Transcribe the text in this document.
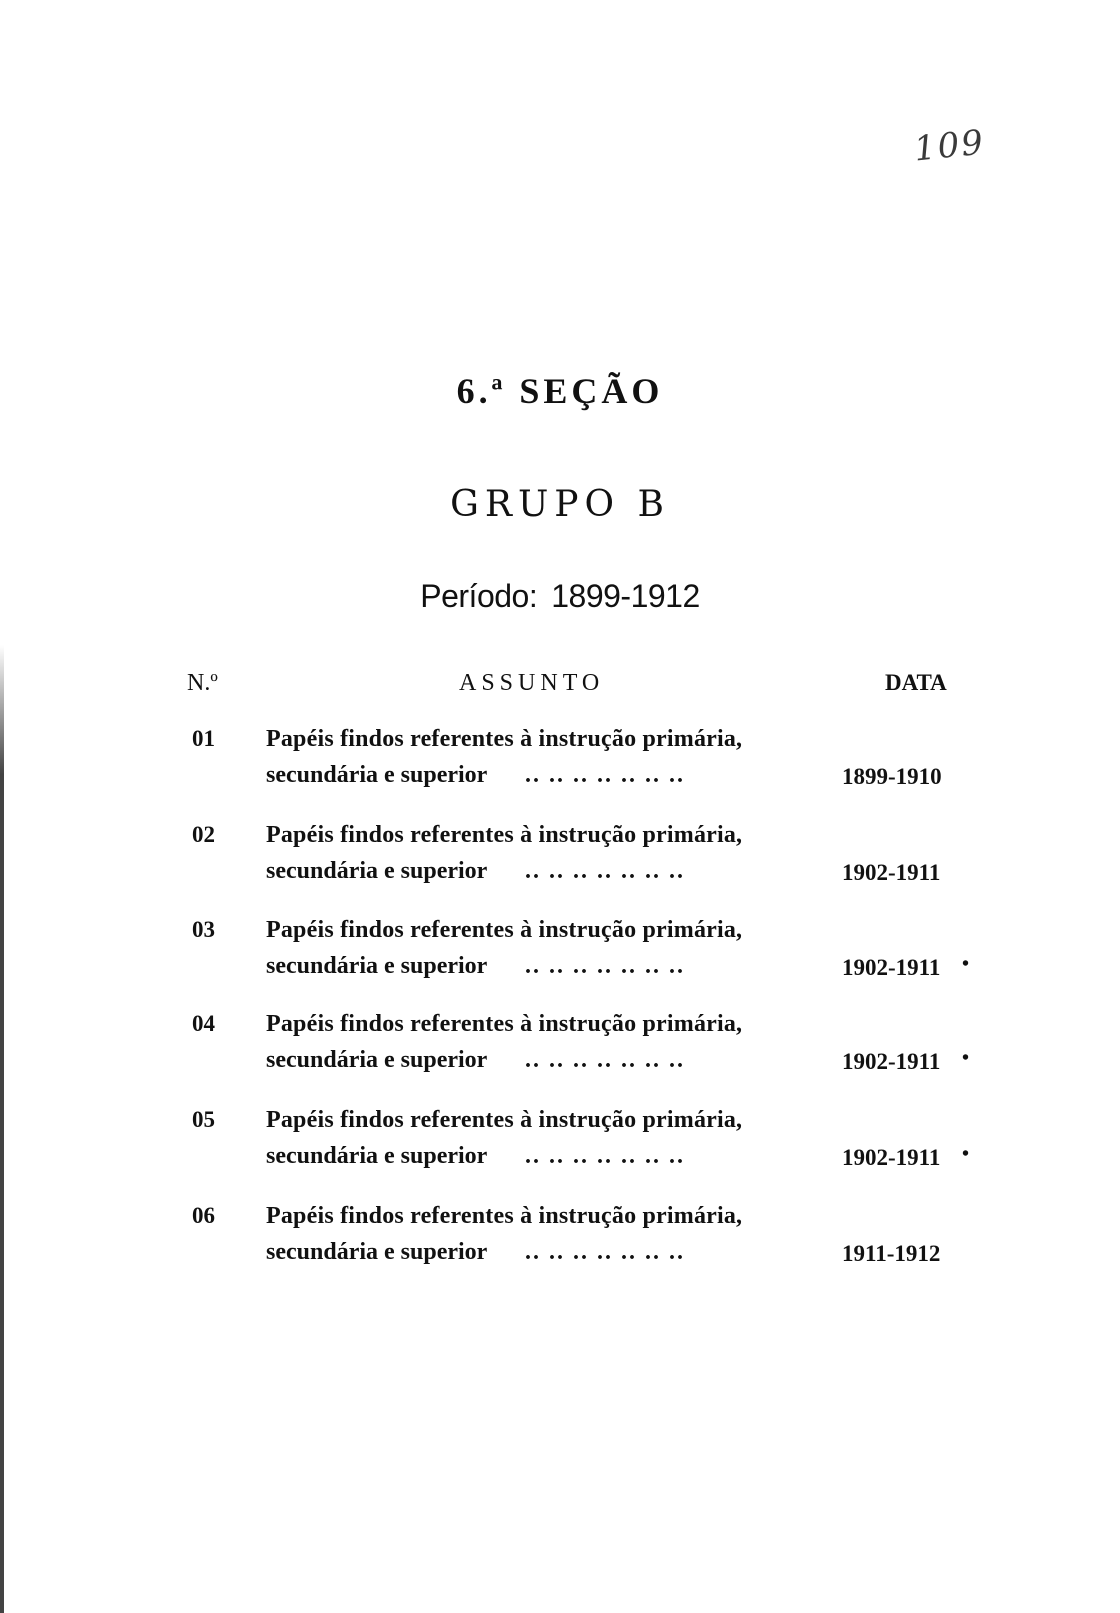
109
6.ª SEÇÃO
GRUPO B
Período: 1899-1912
N.º	ASSUNTO	DATA
01 Papéis findos referentes à instrução primária,
secundária e superior .. .. .. .. .. .. ..	1899-1910
02 Papéis findos referentes à instrução primária,
secundária e superior .. .. .. .. .. .. ..	1902-1911
03 Papéis findos referentes à instrução primária,
secundária e superior .. .. .. .. .. .. ..	1902-1911 •
04 Papéis findos referentes à instrução primária,
secundária e superior .. .. .. .. .. .. ..	1902-1911 •
05 Papéis findos referentes à instrução primária,
secundária e superior .. .. .. .. .. .. ..	1902-1911 •
06 Papéis findos referentes à instrução primária,
secundária e superior .. .. .. .. .. .. ..	1911-1912
